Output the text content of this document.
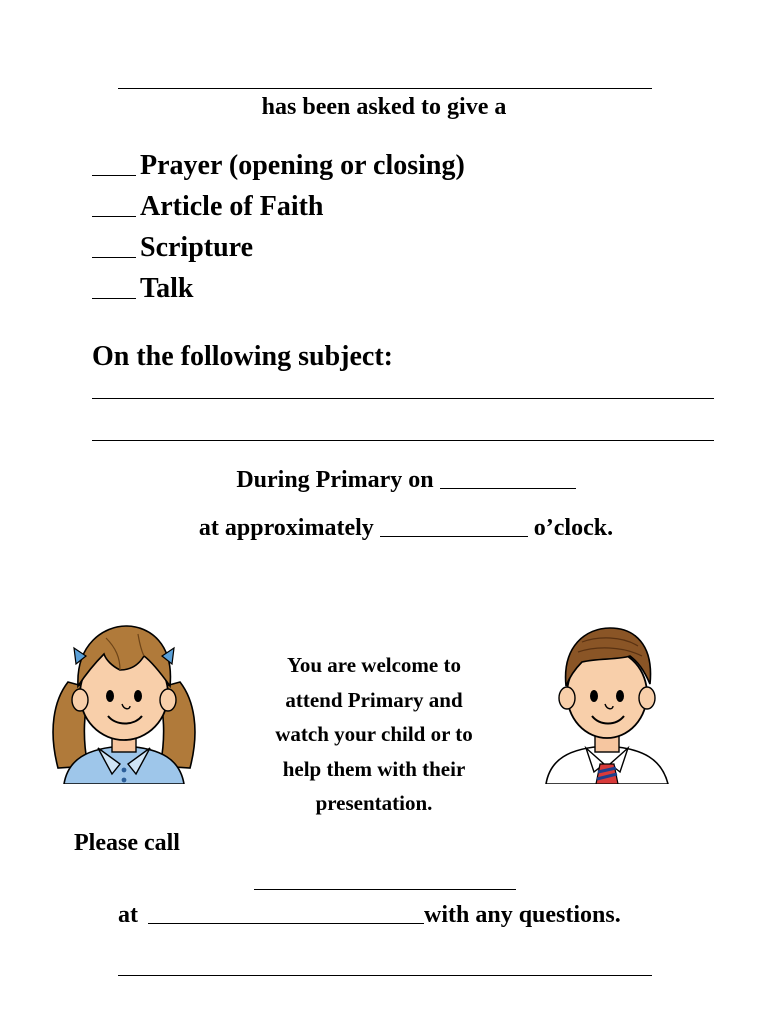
has been asked to give a
Prayer (opening or closing)
Article of Faith
Scripture
Talk
On the following subject:
During Primary on
at approximately	o’clock.
You are welcome to
attend Primary and
watch your child or to
help them with their
presentation.
Please call
at	with any questions.
